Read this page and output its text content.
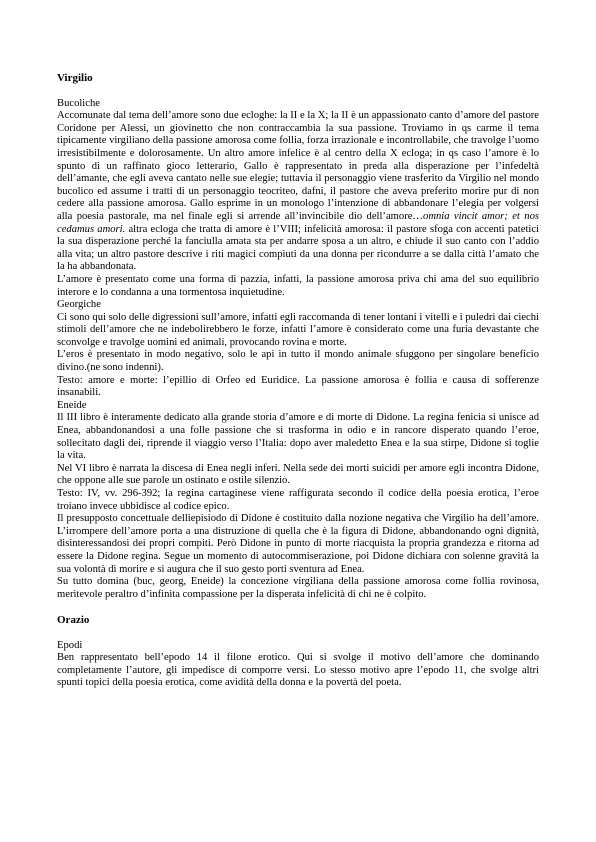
Virgilio

Bucoliche

Accomunate dal tema dell’amore sono due ecloghe: la II e la X; la II è un appassionato canto d’amore del pastore Coridone per Alessi, un giovinetto che non contraccambia la sua passione. Troviamo in qs carme il tema tipicamente virgiliano della passione amorosa come follia, forza irrazionale e incontrollabile, che travolge l’uomo irresistibilmente e dolorosamente. Un altro amore infelice è al centro della X ecloga; in qs caso l’amore è lo spunto di un raffinato gioco letterario, Gallo è rappresentato in preda alla disperazione per l’infedeltà dell’amante, che egli aveva cantato nelle sue elegie; tuttavia il personaggio viene trasferito da Virgilio nel mondo bucolico ed assume i tratti di un personaggio teocriteo, dafni, il pastore che aveva preferito morire pur di non cedere alla passione amorosa. Gallo esprime in un monologo l’intenzione di abbandonare l’elegia per volgersi alla poesia pastorale, ma nel finale egli si arrende all’invincibile dio dell’amore…omnia vincit amor; et nos cedamus amori. altra ecloga che tratta di amore è l’VIII; infelicità amorosa: il pastore sfoga con accenti patetici la sua disperazione perché la fanciulla amata sta per andarre sposa a un altro, e chiude il suo canto con l’addio alla vita; un altro pastore descrive i riti magici compiuti da una donna per ricondurre a se dalla città l’amato che la ha abbandonata.

L’amore è presentato come una forma di pazzia, infatti, la passione amorosa priva chi ama del suo equilibrio interore e lo condanna a una tormentosa inquietudine.

Georgiche

Ci sono qui solo delle digressioni sull’amore, infatti egli raccomanda di tener lontani i vitelli e i puledri dai ciechi stimoli dell’amore che ne indebolirebbero le forze, infatti l’amore è considerato come una furia devastante che sconvolge e travolge uomini ed animali, provocando rovina e morte.

L’eros è presentato in modo negativo, solo le api in tutto il mondo animale sfuggono per singolare beneficio divino.(ne sono indenni).

Testo: amore e morte: l’epillio di Orfeo ed Euridice. La passione amorosa è follia e causa di sofferenze insanabili.

Eneide

Il III libro è interamente dedicato alla grande storia d’amore e di morte di Didone. La regina fenicia si unisce ad Enea, abbandonandosi a una folle passione che si trasforma in odio e in rancore disperato quando l’eroe, sollecitato dagli dei, riprende il viaggio verso l’Italia: dopo aver maledetto Enea e la sua stirpe, Didone si toglie la vita.

Nel VI libro è narrata la discesa di Enea negli inferi. Nella sede dei morti suicidi per amore egli incontra Didone, che oppone alle sue parole un ostinato e ostile silenzio.

Testo: IV, vv. 296-392; la regina cartaginese viene raffigurata secondo il codice della poesia erotica, l’eroe troiano invece ubbidisce al codice epico.

Il presupposto concettuale delliepisiodo di Didone è costituito dalla nozione negativa che Virgilio ha dell’amore. L’irrompere dell’amore porta a una distruzione di quella che è la figura di Didone, abbandonando ogni dignità, disinteressandosi dei propri compiti. Però Didone in punto di morte riacquista la propria grandezza e ritorna ad essere la Didone regina. Segue un momento di autocommiserazione, poi Didone dichiara con solenne gravità la sua volontà di morire e si augura che il suo gesto porti sventura ad Enea.

Su tutto domina (buc, georg, Eneide) la concezione virgiliana della passione amorosa come follia rovinosa, meritevole peraltro d’infinita compassione per la disperata infelicità di chi ne è colpito.

Orazio

Epodi

Ben rappresentato bell’epodo 14 il filone erotico. Qui si svolge il motivo dell’amore che dominando completamente l’autore, gli impedisce di comporre versi. Lo stesso motivo apre l’epodo 11, che svolge altri spunti topici della poesia erotica, come avidità della donna e la povertà del poeta.
